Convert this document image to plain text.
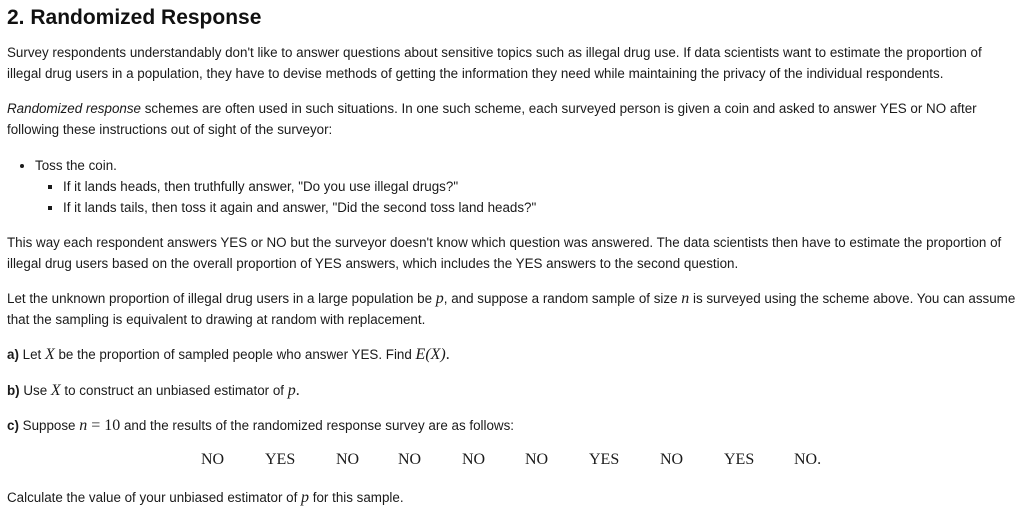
2. Randomized Response

Survey respondents understandably don't like to answer questions about sensitive topics such as illegal drug use. If data scientists want to estimate the proportion of illegal drug users in a population, they have to devise methods of getting the information they need while maintaining the privacy of the individual respondents.

Randomized response schemes are often used in such situations. In one such scheme, each surveyed person is given a coin and asked to answer YES or NO after following these instructions out of sight of the surveyor:

• Toss the coin.
▪ If it lands heads, then truthfully answer, "Do you use illegal drugs?"
▪ If it lands tails, then toss it again and answer, "Did the second toss land heads?"

This way each respondent answers YES or NO but the surveyor doesn't know which question was answered. The data scientists then have to estimate the proportion of illegal drug users based on the overall proportion of YES answers, which includes the YES answers to the second question.

Let the unknown proportion of illegal drug users in a large population be p, and suppose a random sample of size n is surveyed using the scheme above. You can assume that the sampling is equivalent to drawing at random with replacement.

a) Let X be the proportion of sampled people who answer YES. Find E(X).

b) Use X to construct an unbiased estimator of p.

c) Suppose n = 10 and the results of the randomized response survey are as follows:

NO	YES	NO NO	NO NO	YES	NO	YES NO.

Calculate the value of your unbiased estimator of p for this sample.
